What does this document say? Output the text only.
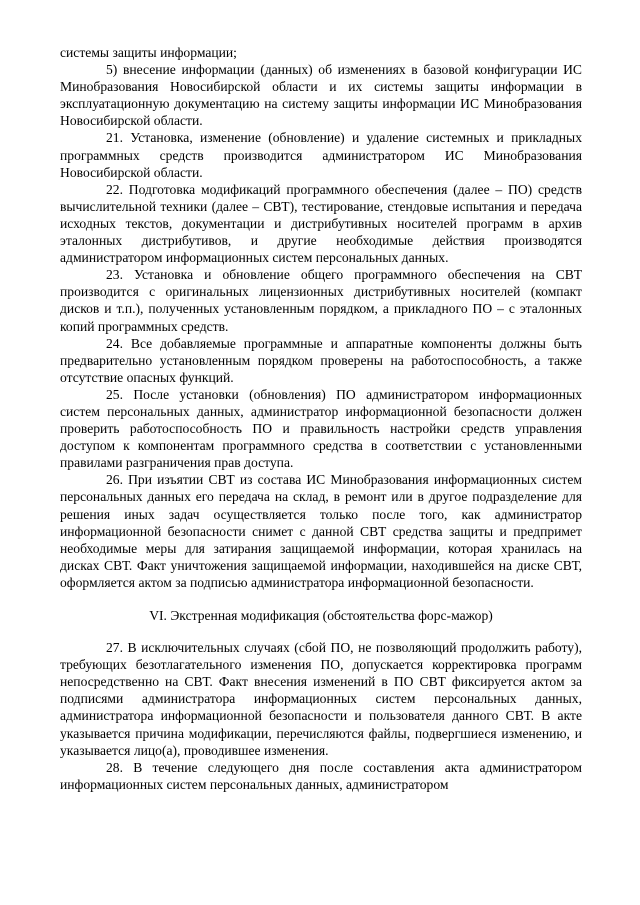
системы защиты информации;

5) внесение информации (данных) об изменениях в базовой конфигурации ИС Минобразования Новосибирской области и их системы защиты информации в эксплуатационную документацию на систему защиты информации ИС Минобразования Новосибирской области.

21. Установка, изменение (обновление) и удаление системных и прикладных программных средств производится администратором ИС Минобразования Новосибирской области.

22. Подготовка модификаций программного обеспечения (далее – ПО) средств вычислительной техники (далее – СВТ), тестирование, стендовые испытания и передача исходных текстов, документации и дистрибутивных носителей программ в архив эталонных дистрибутивов, и другие необходимые действия производятся администратором информационных систем персональных данных.

23. Установка и обновление общего программного обеспечения на СВТ производится с оригинальных лицензионных дистрибутивных носителей (компакт дисков и т.п.), полученных установленным порядком, а прикладного ПО – с эталонных копий программных средств.

24. Все добавляемые программные и аппаратные компоненты должны быть предварительно установленным порядком проверены на работоспособность, а также отсутствие опасных функций.

25. После установки (обновления) ПО администратором информационных систем персональных данных, администратор информационной безопасности должен проверить работоспособность ПО и правильность настройки средств управления доступом к компонентам программного средства в соответствии с установленными правилами разграничения прав доступа.

26. При изъятии СВТ из состава ИС Минобразования информационных систем персональных данных его передача на склад, в ремонт или в другое подразделение для решения иных задач осуществляется только после того, как администратор информационной безопасности снимет с данной СВТ средства защиты и предпримет необходимые меры для затирания защищаемой информации, которая хранилась на дисках СВТ. Факт уничтожения защищаемой информации, находившейся на диске СВТ, оформляется актом за подписью администратора информационной безопасности.

VI. Экстренная модификация (обстоятельства форс-мажор)

27. В исключительных случаях (сбой ПО, не позволяющий продолжить работу), требующих безотлагательного изменения ПО, допускается корректировка программ непосредственно на СВТ. Факт внесения изменений в ПО СВТ фиксируется актом за подписями администратора информационных систем персональных данных, администратора информационной безопасности и пользователя данного СВТ. В акте указывается причина модификации, перечисляются файлы, подвергшиеся изменению, и указывается лицо(а), проводившее изменения.

28. В течение следующего дня после составления акта администратором информационных систем персональных данных, администратором
